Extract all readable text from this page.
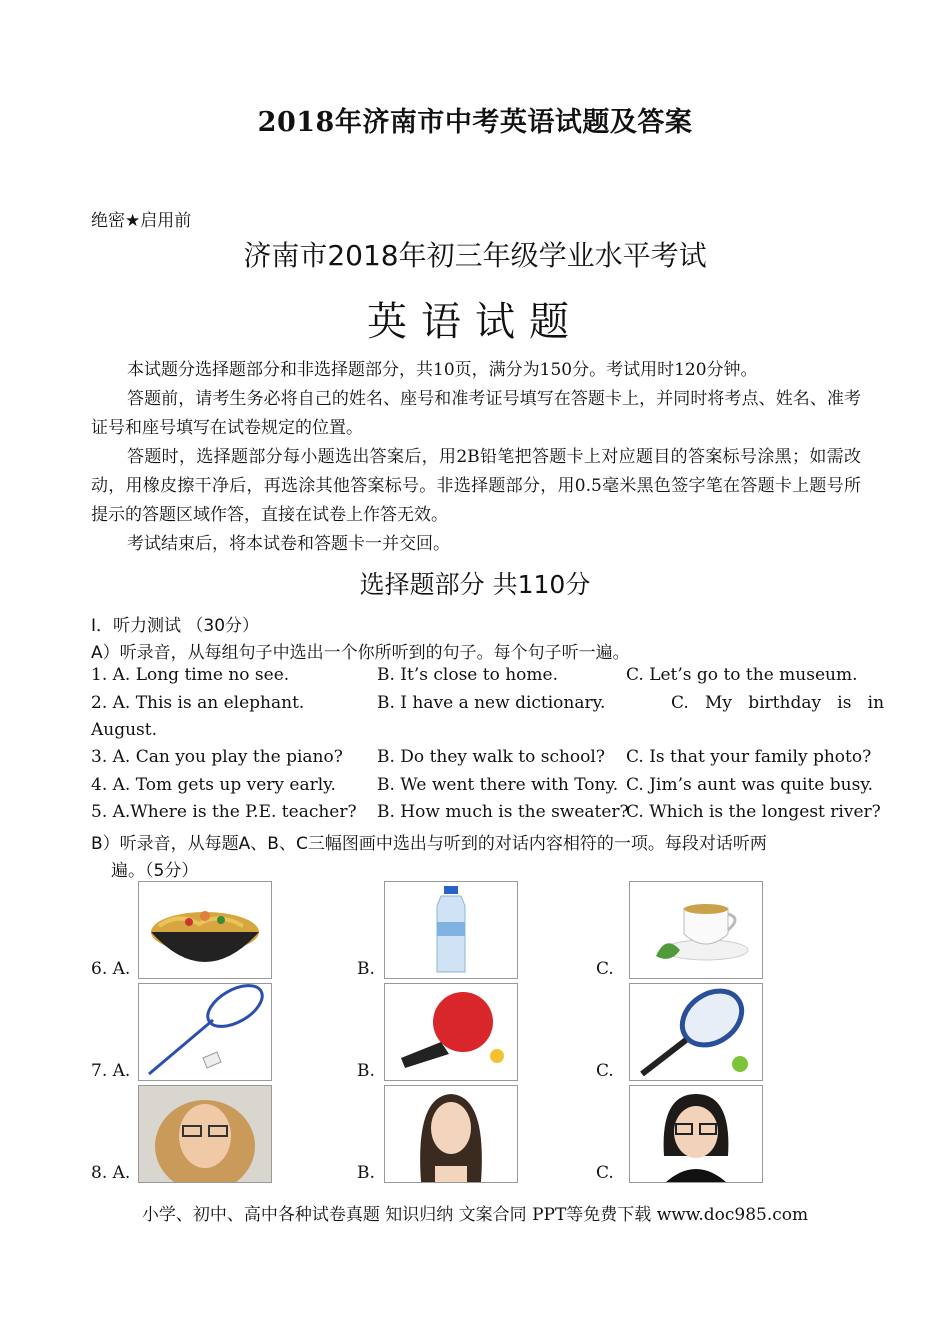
2018年济南市中考英语试题及答案
绝密★启用前
济南市2018年初三年级学业水平考试
英语试题
本试题分选择题部分和非选择题部分，共10页，满分为150分。考试用时120分钟。
答题前，请考生务必将自己的姓名、座号和准考证号填写在答题卡上，并同时将考点、姓名、准考证号和座号填写在试卷规定的位置。
答题时，选择题部分每小题选出答案后，用2B铅笔把答题卡上对应题目的答案标号涂黑；如需改动，用橡皮擦干净后，再选涂其他答案标号。非选择题部分，用0.5毫米黑色签字笔在答题卡上题号所提示的答题区域作答，直接在试卷上作答无效。
考试结束后，将本试卷和答题卡一并交回。
选择题部分 共110分
I．听力测试 （30分）
A）听录音，从每组句子中选出一个你所听到的句子。每个句子听一遍。
1. A. Long time no see.	B. It’s close to home.	C. Let’s go to the museum.
2. A. This is an elephant.	B. I have a new dictionary.	C.   My   birthday   is   in
August.
3. A. Can you play the piano? B. Do they walk to school? C. Is that your family photo?
4. A. Tom gets up very early. B. We went there with Tony. C. Jim’s aunt was quite busy.
5. A.Where is the P.E. teacher? B. How much is the sweater?
C. Which is the longest river?
B）听录音，从每题A、B、C三幅图画中选出与听到的对话内容相符的一项。每段对话听两
遍。（5分）
6. A.	B.	C.
7. A.	B.	C.
8. A.	B.	C.
小学、初中、高中各种试卷真题 知识归纳 文案合同 PPT等免费下载 www.doc985.com
